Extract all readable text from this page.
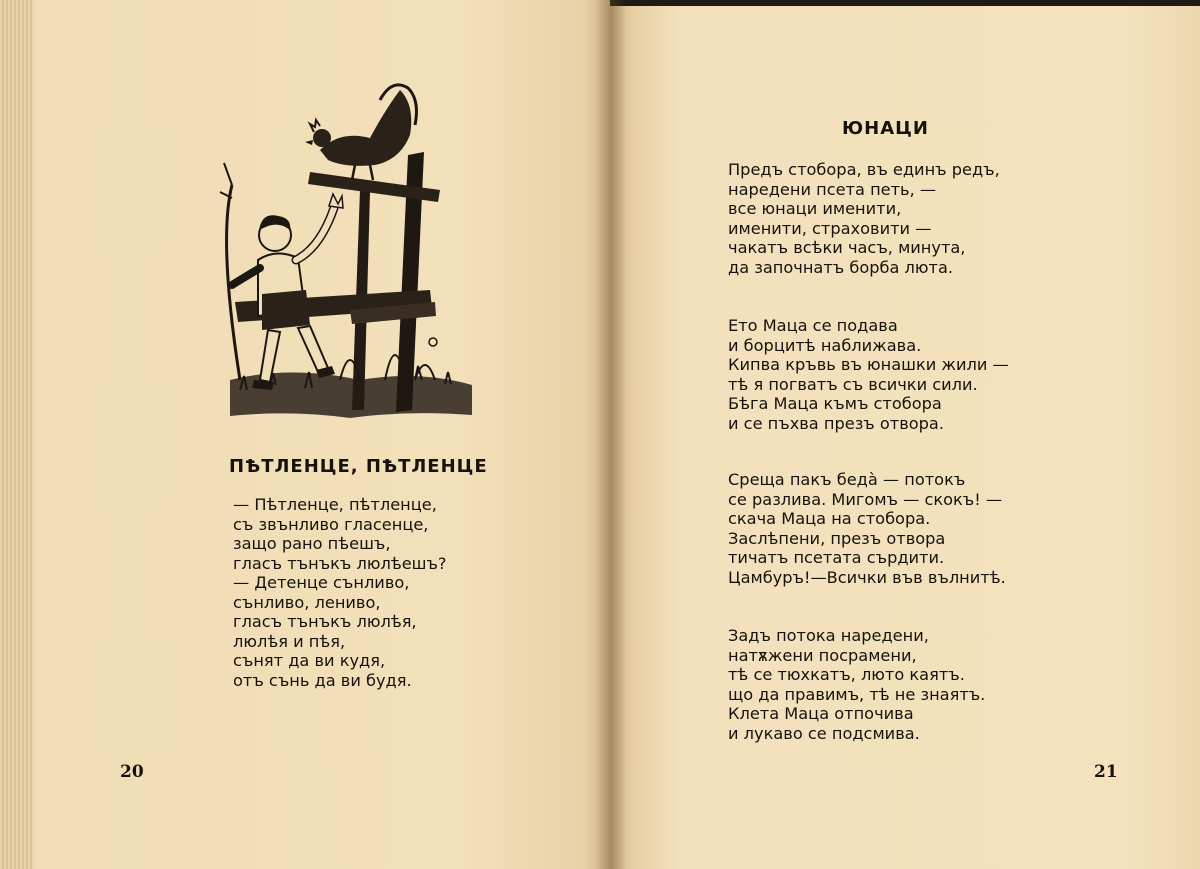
ПѢТЛЕНЦЕ, ПѢТЛЕНЦЕ
— Пѣтленце, пѣтленце,
съ звънливо гласенце,
защо рано пѣешъ,
гласъ тънъкъ люлѣешъ?
— Детенце сънливо,
сънливо, лениво,
гласъ тънъкъ люлѣя,
люлѣя и пѣя,
сънят да ви кудя,
отъ сънь да ви будя.
20
ЮНАЦИ
Предъ стобора, въ единъ редъ,
наредени псета петь, —
все юнаци именити,
именити, страховити —
чакатъ всѣки часъ, минута,
да започнатъ борба люта.
Ето Маца се подава
и борцитѣ наближава.
Кипва кръвь въ юнашки жили —
тѣ я погватъ съ всички сили.
Бѣга Маца къмъ стобора
и се пъхва презъ отвора.
Среща пакъ бедà — потокъ
се разлива. Мигомъ — скокъ! —
скача Маца на стобора.
Заслѣпени, презъ отвора
тичатъ псетата сърдити.
Цамбуръ!—Всички във вълнитѣ.
Задъ потока наредени,
натѫжени посрамени,
тѣ се тюхкатъ, люто каятъ.
що да правимъ, тѣ не знаятъ.
Клета Маца отпочива
и лукаво се подсмива.
21
